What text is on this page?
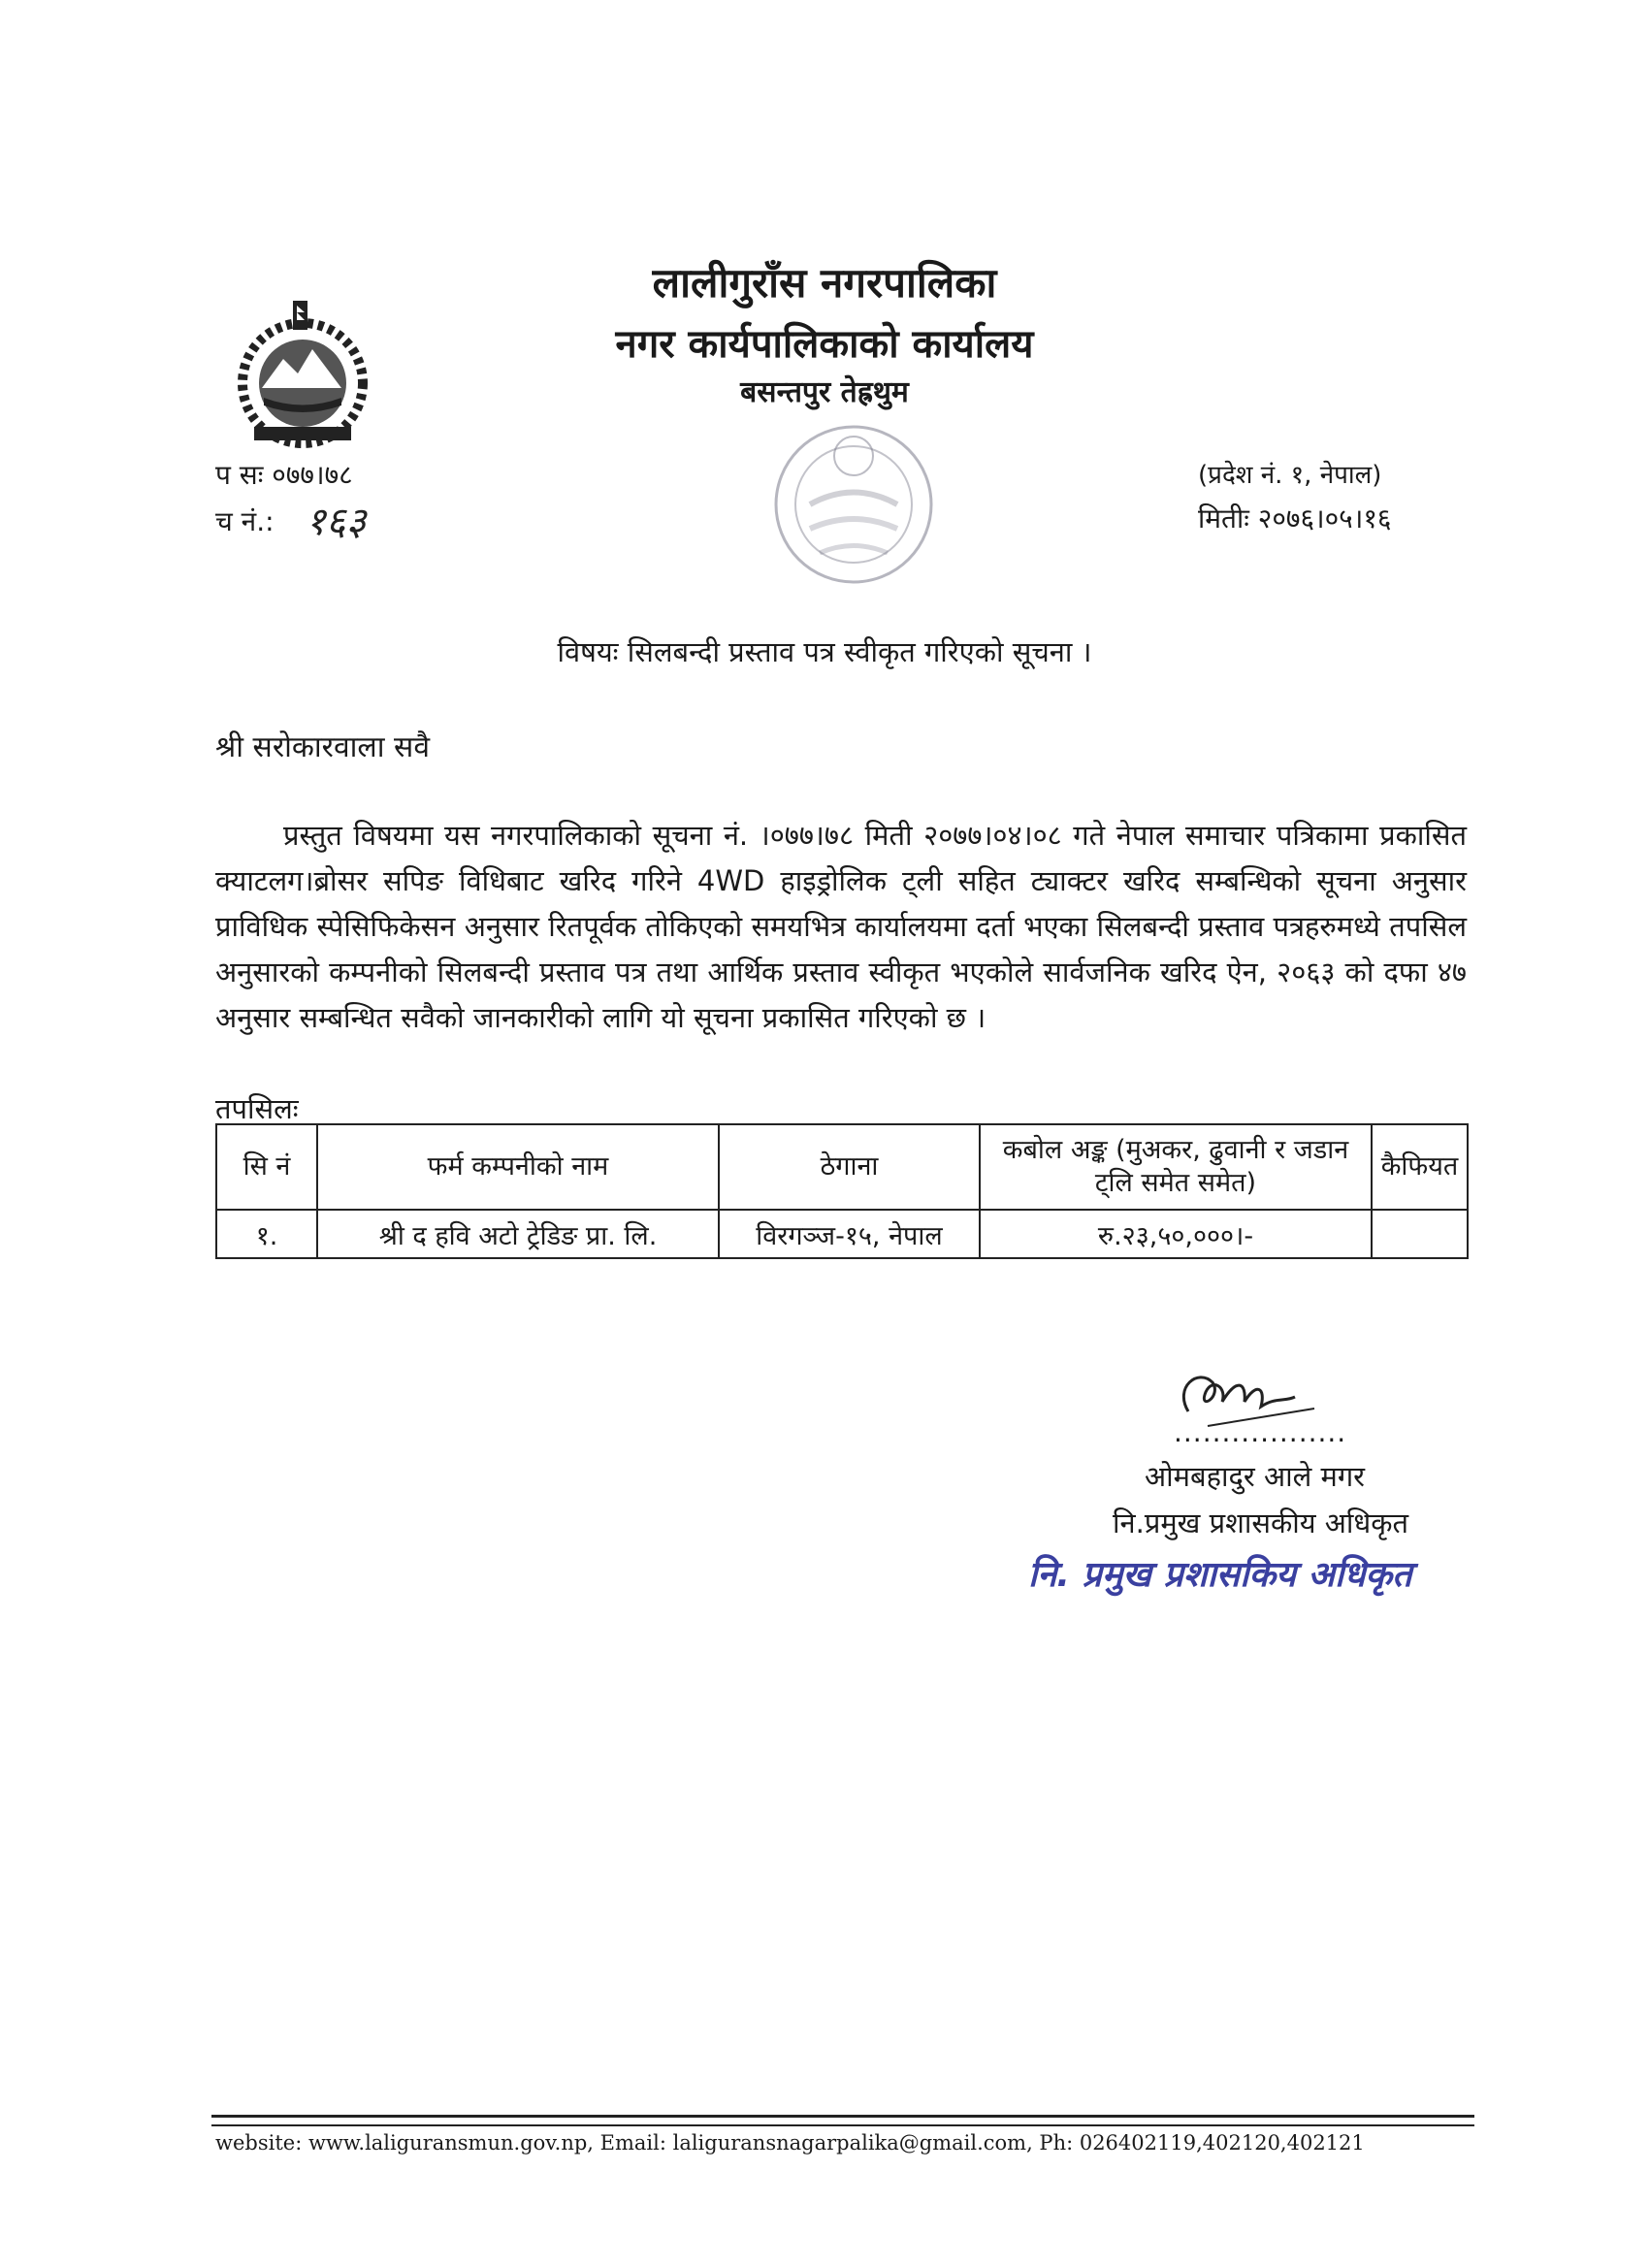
लालीगुराँस नगरपालिका
नगर कार्यपालिकाको कार्यालय
बसन्तपुर तेह्रथुम
प सः ०७७।७८
च नं.: १६३
(प्रदेश नं. १, नेपाल)
मितीः २०७६।०५।१६
विषयः सिलबन्दी प्रस्ताव पत्र स्वीकृत गरिएको सूचना ।
श्री सरोकारवाला सवै
प्रस्तुत विषयमा यस नगरपालिकाको सूचना नं. ।०७७।७८ मिती २०७७।०४।०८ गते नेपाल समाचार पत्रिकामा प्रकासित क्याटलग।ब्रोसर सपिङ विधिबाट खरिद गरिने 4WD हाइड्रोलिक ट्ली सहित ट्याक्टर खरिद सम्बन्धिको सूचना अनुसार प्राविधिक स्पेसिफिकेसन अनुसार रितपूर्वक तोकिएको समयभित्र कार्यालयमा दर्ता भएका सिलबन्दी प्रस्ताव पत्रहरुमध्ये तपसिल अनुसारको कम्पनीको सिलबन्दी प्रस्ताव पत्र तथा आर्थिक प्रस्ताव स्वीकृत भएकोले सार्वजनिक खरिद ऐन, २०६३ को दफा ४७ अनुसार सम्बन्धित सवैको जानकारीको लागि यो सूचना प्रकासित गरिएको छ ।
तपसिलः
सि नं	फर्म कम्पनीको नाम	ठेगाना	कबोल अङ्क (मुअकर, ढुवानी र जडान ट्लि समेत समेत)	कैफियत
१.	श्री द हवि अटो ट्रेडिङ प्रा. लि.	विरगञ्ज-१५, नेपाल	रु.२३,५०,०००।-	
..................
ओमबहादुर आले मगर
नि.प्रमुख प्रशासकीय अधिकृत
नि. प्रमुख प्रशासकिय अधिकृत
website: www.laliguransmun.gov.np, Email: laliguransnagarpalika@gmail.com, Ph: 026402119,402120,402121
